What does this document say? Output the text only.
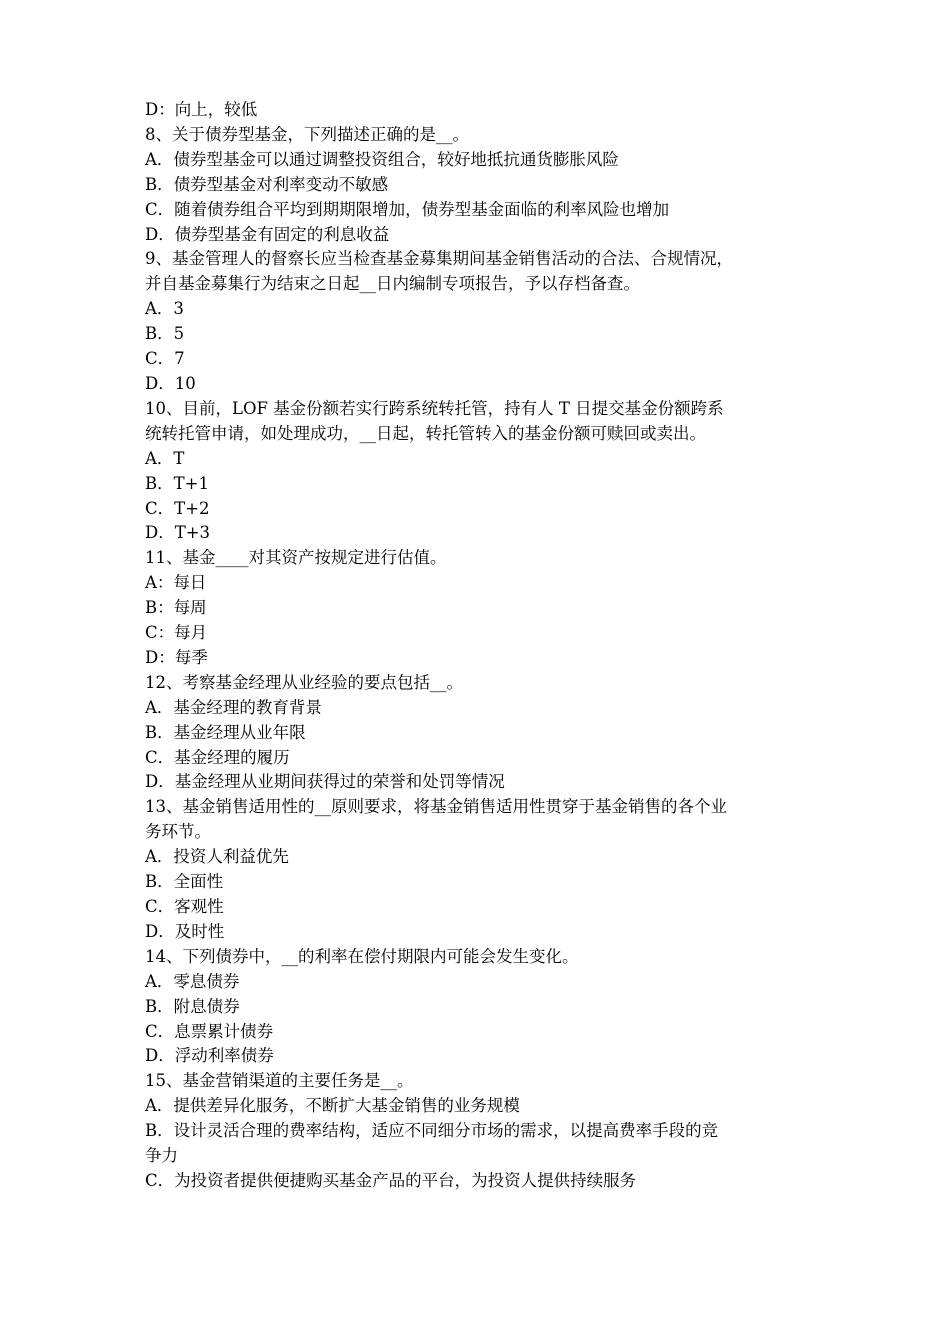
D：向上，较低

8、关于债券型基金，下列描述正确的是__。

A．债券型基金可以通过调整投资组合，较好地抵抗通货膨胀风险

B．债券型基金对利率变动不敏感

C．随着债券组合平均到期期限增加，债券型基金面临的利率风险也增加

D．债券型基金有固定的利息收益

9、基金管理人的督察长应当检查基金募集期间基金销售活动的合法、合规情况，

并自基金募集行为结束之日起__日内编制专项报告，予以存档备查。

A．3

B．5

C．7

D．10

10、目前，LOF 基金份额若实行跨系统转托管，持有人 T 日提交基金份额跨系

统转托管申请，如处理成功，__日起，转托管转入的基金份额可赎回或卖出。

A．T

B．T+1

C．T+2

D．T+3

11、基金____对其资产按规定进行估值。

A：每日

B：每周

C：每月

D：每季

12、考察基金经理从业经验的要点包括__。

A．基金经理的教育背景

B．基金经理从业年限

C．基金经理的履历

D．基金经理从业期间获得过的荣誉和处罚等情况

13、基金销售适用性的__原则要求，将基金销售适用性贯穿于基金销售的各个业

务环节。

A．投资人利益优先

B．全面性

C．客观性

D．及时性

14、下列债券中，__的利率在偿付期限内可能会发生变化。

A．零息债券

B．附息债券

C．息票累计债券

D．浮动利率债券

15、基金营销渠道的主要任务是__。

A．提供差异化服务，不断扩大基金销售的业务规模

B．设计灵活合理的费率结构，适应不同细分市场的需求，以提高费率手段的竞

争力

C．为投资者提供便捷购买基金产品的平台，为投资人提供持续服务
